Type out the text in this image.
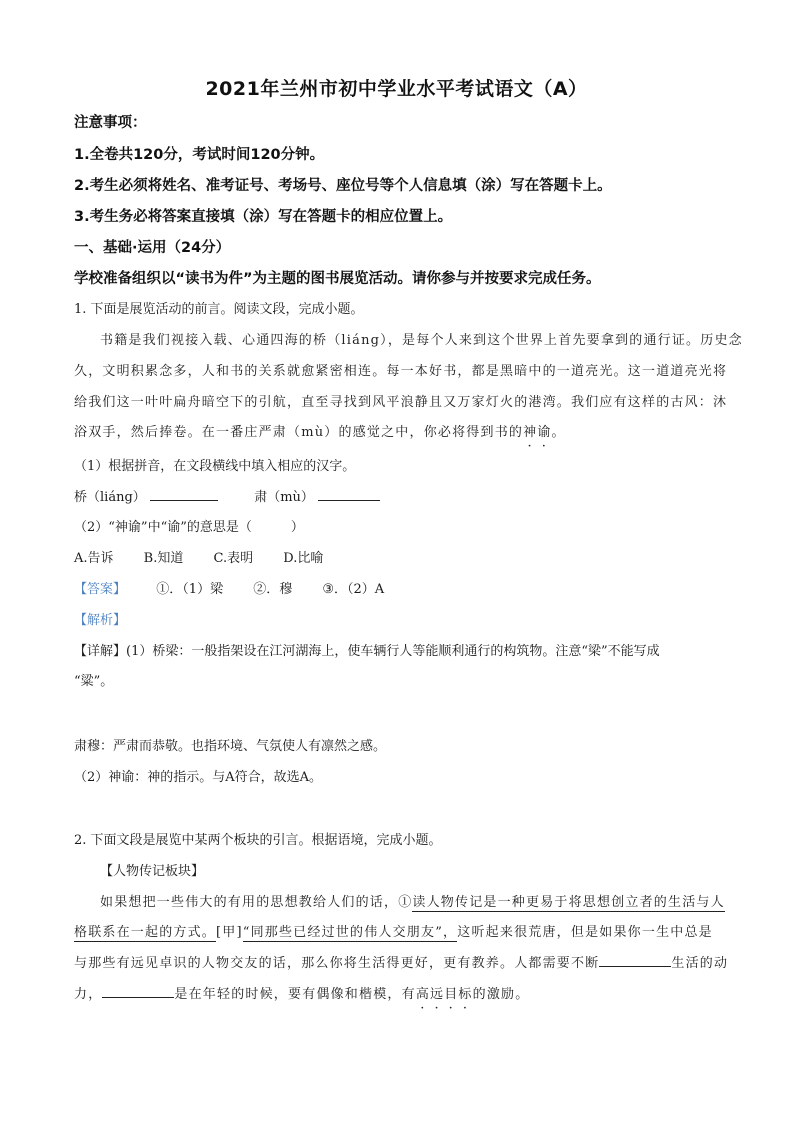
2021年兰州市初中学业水平考试语文（A）
注意事项：
1.全卷共120分，考试时间120分钟。
2.考生必须将姓名、准考证号、考场号、座位号等个人信息填（涂）写在答题卡上。
3.考生务必将答案直接填（涂）写在答题卡的相应位置上。
一、基础·运用（24分）
学校准备组织以“读书为件”为主题的图书展览活动。请你参与并按要求完成任务。
1. 下面是展览活动的前言。阅读文段，完成小题。
书籍是我们视接入载、心通四海的桥（liáng），是每个人来到这个世界上首先要拿到的通行证。历史念
久，文明积累念多，人和书的关系就愈紧密相连。每一本好书，都是黑暗中的一道亮光。这一道道亮光将
给我们这一叶叶扁舟暗空下的引航，直至寻找到风平浪静且又万家灯火的港湾。我们应有这样的古风：沐
浴双手，然后捧卷。在一番庄严肃（mù）的感觉之中，你必将得到书的神谕。
（1）根据拼音，在文段横线中填入相应的汉字。
桥（liáng）	肃（mù）
（2）“神谕”中“谕”的意思是（　　　）
A.告诉 B.知道 C.表明 D.比喻
【答案】 ①．（1）梁 ②．穆 ③．（2）A
【解析】
【详解】(1）桥梁：一般指架设在江河湖海上，使车辆行人等能顺利通行的构筑物。注意“梁”不能写成
“粱”。
肃穆：严肃而恭敬。也指环境、气氛使人有凛然之感。
（2）神谕：神的指示。与A符合，故选A。
2. 下面文段是展览中某两个板块的引言。根据语境，完成小题。
【人物传记板块】
如果想把一些伟大的有用的思想教给人们的话，①读人物传记是一种更易于将思想创立者的生活与人
格联系在一起的方式。[甲]“同那些已经过世的伟人交朋友”，这听起来很荒唐，但是如果你一生中总是
与那些有远见卓识的人物交友的话，那么你将生活得更好，更有教养。人都需要不断	生活的动
力，	是在年轻的时候，要有偶像和楷模，有高远目标的激励。
